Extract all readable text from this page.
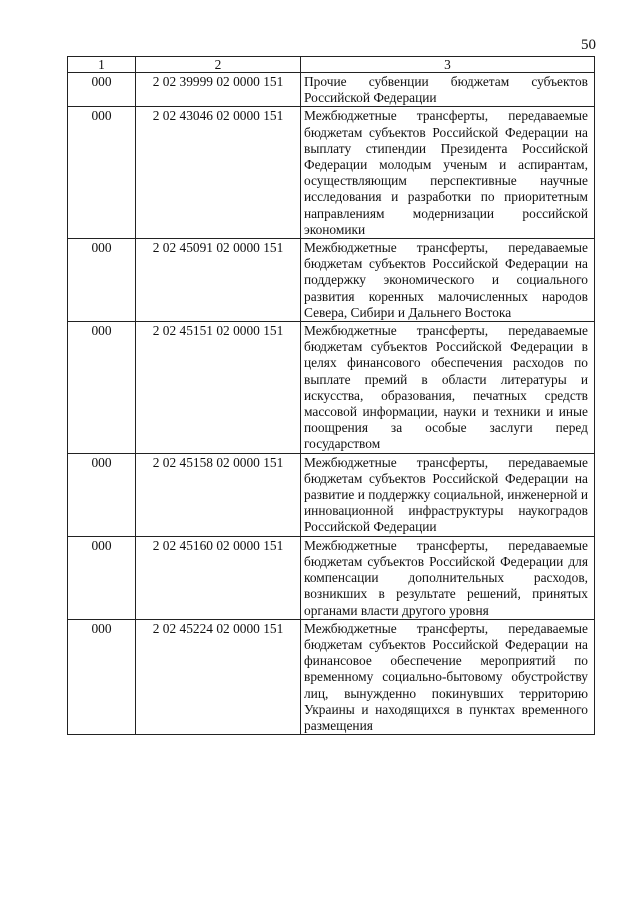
50
1	2	3
000	2 02 39999 02 0000 151	Прочие субвенции бюджетам субъектов Российской Федерации
000	2 02 43046 02 0000 151	Межбюджетные трансферты, передаваемые бюджетам субъектов Российской Федерации на выплату стипендии Президента Российской Федерации молодым ученым и аспирантам, осуществляющим перспективные научные исследования и разработки по приоритетным направлениям модернизации российской экономики
000	2 02 45091 02 0000 151	Межбюджетные трансферты, передаваемые бюджетам субъектов Российской Федерации на поддержку экономического и социального развития коренных малочисленных народов Севера, Сибири и Дальнего Востока
000	2 02 45151 02 0000 151	Межбюджетные трансферты, передаваемые бюджетам субъектов Российской Федерации в целях финансового обеспечения расходов по выплате премий в области литературы и искусства, образования, печатных средств массовой информации, науки и техники и иные поощрения за особые заслуги перед государством
000	2 02 45158 02 0000 151	Межбюджетные трансферты, передаваемые бюджетам субъектов Российской Федерации на развитие и поддержку социальной, инженерной и инновационной инфраструктуры наукоградов Российской Федерации
000	2 02 45160 02 0000 151	Межбюджетные трансферты, передаваемые бюджетам субъектов Российской Федерации для компенсации дополнительных расходов, возникших в результате решений, принятых органами власти другого уровня
000	2 02 45224 02 0000 151	Межбюджетные трансферты, передаваемые бюджетам субъектов Российской Федерации на финансовое обеспечение мероприятий по временному социально-бытовому обустройству лиц, вынужденно покинувших территорию Украины и находящихся в пунктах временного размещения
